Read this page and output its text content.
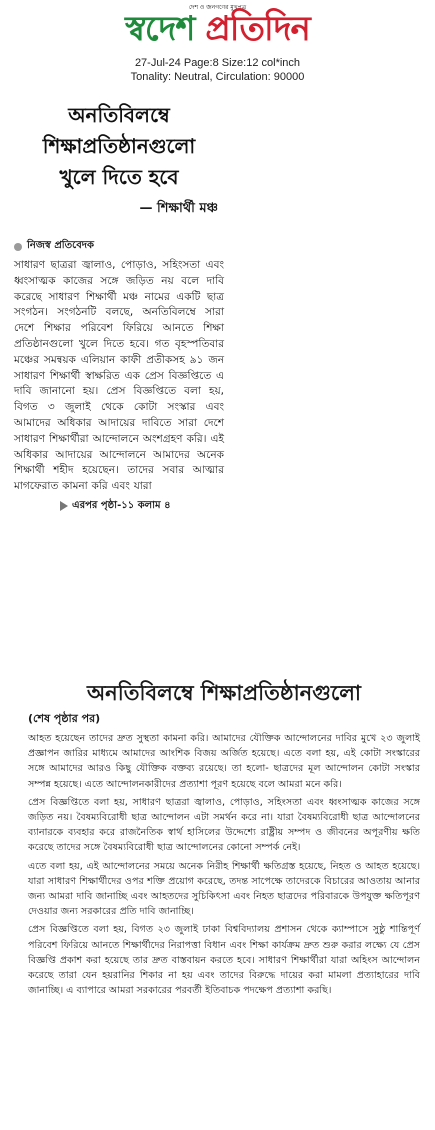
দেশ ও জনগণের মুখপত্র
স্বদেশ প্রতিদিন
27-Jul-24 Page:8 Size:12 col*inch
Tonality: Neutral, Circulation: 90000
অনতিবিলম্বে
শিক্ষাপ্রতিষ্ঠানগুলো
খুলে দিতে হবে
— শিক্ষার্থী মঞ্চ
নিজস্ব প্রতিবেদক

সাধারণ ছাত্ররা জ্বালাও, পোড়াও, সহিংসতা এবং ধ্বংসাত্মক কাজের সঙ্গে জড়িত নয় বলে দাবি করেছে সাধারণ শিক্ষার্থী মঞ্চ নামের একটি ছাত্র সংগঠন। সংগঠনটি বলছে, অনতিবিলম্বে সারা দেশে শিক্ষার পরিবেশ ফিরিয়ে আনতে শিক্ষা প্রতিষ্ঠানগুলো খুলে দিতে হবে। গত বৃহস্পতিবার মঞ্চের সমন্বয়ক এলিয়ান কাফী প্রতীকসহ ৯১ জন সাধারণ শিক্ষার্থী স্বাক্ষরিত এক প্রেস বিজ্ঞপ্তিতে এ দাবি জানানো হয়। প্রেস বিজ্ঞপ্তিতে বলা হয়, বিগত ৩ জুলাই থেকে কোটা সংস্কার এবং আমাদের অধিকার আদায়ের দাবিতে সারা দেশে সাধারণ শিক্ষার্থীরা আন্দোলনে অংশগ্রহণ করি। এই অধিকার আদায়ের আন্দোলনে আমাদের অনেক শিক্ষার্থী শহীদ হয়েছেন। তাদের সবার আত্মার মাগফেরাত কামনা করি এবং যারা

এরপর পৃষ্ঠা-১১ কলাম ৪
অনতিবিলম্বে শিক্ষাপ্রতিষ্ঠানগুলো
(শেষ পৃষ্ঠার পর)

আহত হয়েছেন তাদের দ্রুত সুস্থতা কামনা করি। আমাদের যৌক্তিক আন্দোলনের দাবির মুখে ২৩ জুলাই প্রজ্ঞাপন জারির মাধ্যমে আমাদের আংশিক বিজয় অর্জিত হয়েছে। এতে বলা হয়, এই কোটা সংস্কারের সঙ্গে আমাদের আরও কিছু যৌক্তিক বক্তব্য রয়েছে। তা হলো- ছাত্রদের মূল আন্দোলন কোটা সংস্কার সম্পন্ন হয়েছে। এতে আন্দোলনকারীদের প্রত্যাশা পূরণ হয়েছে বলে আমরা মনে করি।

প্রেস বিজ্ঞপ্তিতে বলা হয়, সাধারণ ছাত্ররা জ্বালাও, পোড়াও, সহিংসতা এবং ধ্বংসাত্মক কাজের সঙ্গে জড়িত নয়। বৈষম্যবিরোধী ছাত্র আন্দোলন এটা সমর্থন করে না। যারা বৈষম্যবিরোধী ছাত্র আন্দোলনের ব্যানারকে ব্যবহার করে রাজনৈতিক স্বার্থ হাসিলের উদ্দেশ্যে রাষ্ট্রীয় সম্পদ ও জীবনের অপূরণীয় ক্ষতি করেছে তাদের সঙ্গে বৈষম্যবিরোধী ছাত্র আন্দোলনের কোনো সম্পর্ক নেই।

এতে বলা হয়, এই আন্দোলনের সময়ে অনেক নিরীহ শিক্ষার্থী ক্ষতিগ্রস্ত হয়েছে, নিহত ও আহত হয়েছে। যারা সাধারণ শিক্ষার্থীদের ওপর শক্তি প্রয়োগ করেছে, তদন্ত সাপেক্ষে তাদেরকে বিচারের আওতায় আনার জন্য আমরা দাবি জানাচ্ছি এবং আহতদের সুচিকিৎসা এবং নিহত ছাত্রদের পরিবারকে উপযুক্ত ক্ষতিপূরণ দেওয়ার জন্য সরকারের প্রতি দাবি জানাচ্ছি।

প্রেস বিজ্ঞপ্তিতে বলা হয়, বিগত ২৩ জুলাই ঢাকা বিশ্ববিদ্যালয় প্রশাসন থেকে ক্যাম্পাসে সুষ্ঠু শান্তিপূর্ণ পরিবেশ ফিরিয়ে আনতে শিক্ষার্থীদের নিরাপত্তা বিধান এবং শিক্ষা কার্যক্রম দ্রুত শুরু করার লক্ষ্যে যে প্রেস বিজ্ঞপ্তি প্রকাশ করা হয়েছে তার দ্রুত বাস্তবায়ন করতে হবে। সাধারণ শিক্ষার্থীরা যারা অহিংস আন্দোলন করেছে তারা যেন হয়রানির শিকার না হয় এবং তাদের বিরুদ্ধে দায়ের করা মামলা প্রত্যাহারের দাবি জানাচ্ছি। এ ব্যাপারে আমরা সরকারের পরবর্তী ইতিবাচক পদক্ষেপ প্রত্যাশা করছি।
